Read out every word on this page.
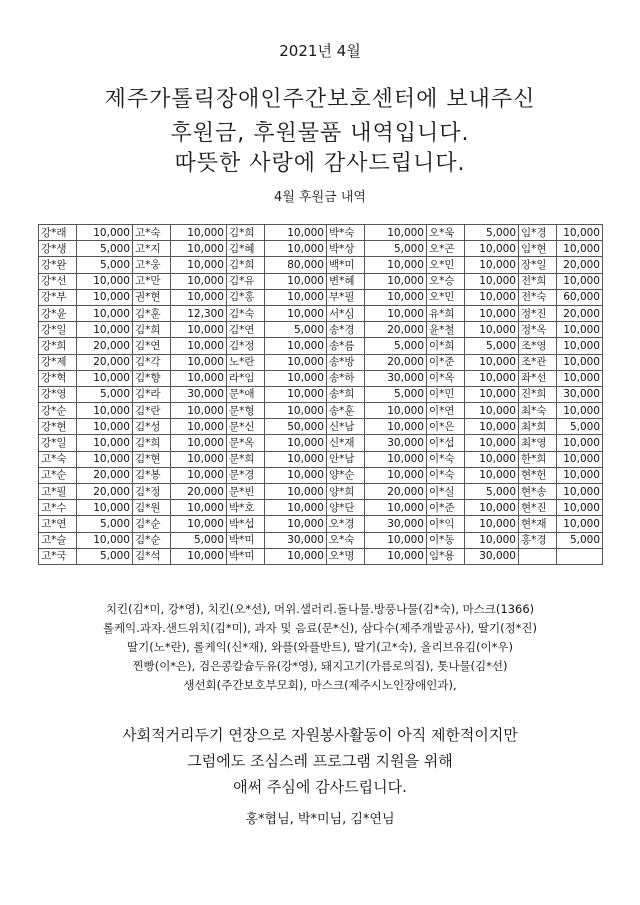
2021년 4월
제주가톨릭장애인주간보호센터에 보내주신
후원금, 후원물품 내역입니다.
따뜻한 사랑에 감사드립니다.
4월 후원금 내역
강*래	10,000	고*숙	10,000	김*희	10,000	박*숙	10,000	오*욱	5,000	임*경	10,000
강*생	5,000	고*지	10,000	김*혜	10,000	박*상	5,000	오*곤	10,000	임*현	10,000
강*완	5,000	고*웅	10,000	김*희	80,000	백*미	10,000	오*민	10,000	장*일	20,000
강*선	10,000	고*만	10,000	김*유	10,000	변*혜	10,000	오*승	10,000	전*희	10,000
강*부	10,000	권*현	10,000	김*홍	10,000	부*필	10,000	오*민	10,000	전*숙	60,000
강*윤	10,000	김*훈	12,300	김*숙	10,000	서*심	10,000	유*희	10,000	정*진	20,000
강*일	10,000	김*희	10,000	김*연	5,000	송*경	20,000	윤*철	10,000	정*옥	10,000
강*희	20,000	김*연	10,000	김*정	10,000	송*름	5,000	이*희	5,000	조*영	10,000
강*제	20,000	김*각	10,000	노*란	10,000	송*방	20,000	이*준	10,000	조*관	10,000
강*혁	10,000	김*향	10,000	라*임	10,000	송*하	30,000	이*옥	10,000	좌*선	10,000
강*영	5,000	김*라	30,000	문*애	10,000	송*희	5,000	이*민	10,000	진*희	30,000
강*순	10,000	김*란	10,000	문*형	10,000	송*훈	10,000	이*연	10,000	최*숙	10,000
강*현	10,000	김*성	10,000	문*신	50,000	신*남	10,000	이*은	10,000	최*희	5,000
강*일	10,000	김*희	10,000	문*옥	10,000	신*재	30,000	이*섭	10,000	최*영	10,000
고*숙	10,000	김*현	10,000	문*희	10,000	안*남	10,000	이*숙	10,000	한*희	10,000
고*순	20,000	김*봉	10,000	문*경	10,000	양*순	10,000	이*숙	10,000	현*헌	10,000
고*필	20,000	김*정	20,000	문*빈	10,000	양*희	20,000	이*실	5,000	현*송	10,000
고*수	10,000	김*원	10,000	박*호	10,000	양*단	10,000	이*준	10,000	현*진	10,000
고*연	5,000	김*순	10,000	박*섭	10,000	오*경	30,000	이*익	10,000	현*재	10,000
고*슬	10,000	김*순	5,000	박*미	30,000	오*숙	10,000	이*동	10,000	홍*경	5,000
고*국	5,000	김*석	10,000	박*미	10,000	오*명	10,000	임*용	30,000		
치킨(김*미, 강*영), 치킨(오*선), 머위.샐러리.돌나물.방풍나물(김*숙), 마스크(1366)
롤케익.과자.샌드위치(김*미), 과자 및 음료(문*신), 삼다수(제주개발공사), 딸기(정*진)
딸기(노*란), 롤케익(신*재), 와플(와플반트), 딸기(고*숙), 올리브유김(이*우)
찐빵(이*은), 검은콩칼슘두유(강*영), 돼지고기(가름로의집), 톳나물(김*선)
생선회(주간보호부모회), 마스크(제주시노인장애인과),
사회적거리두기 연장으로 자원봉사활동이 아직 제한적이지만
그럼에도 조심스레 프로그램 지원을 위해
애써 주심에 감사드립니다.
홍*협님, 박*미님, 김*연님
